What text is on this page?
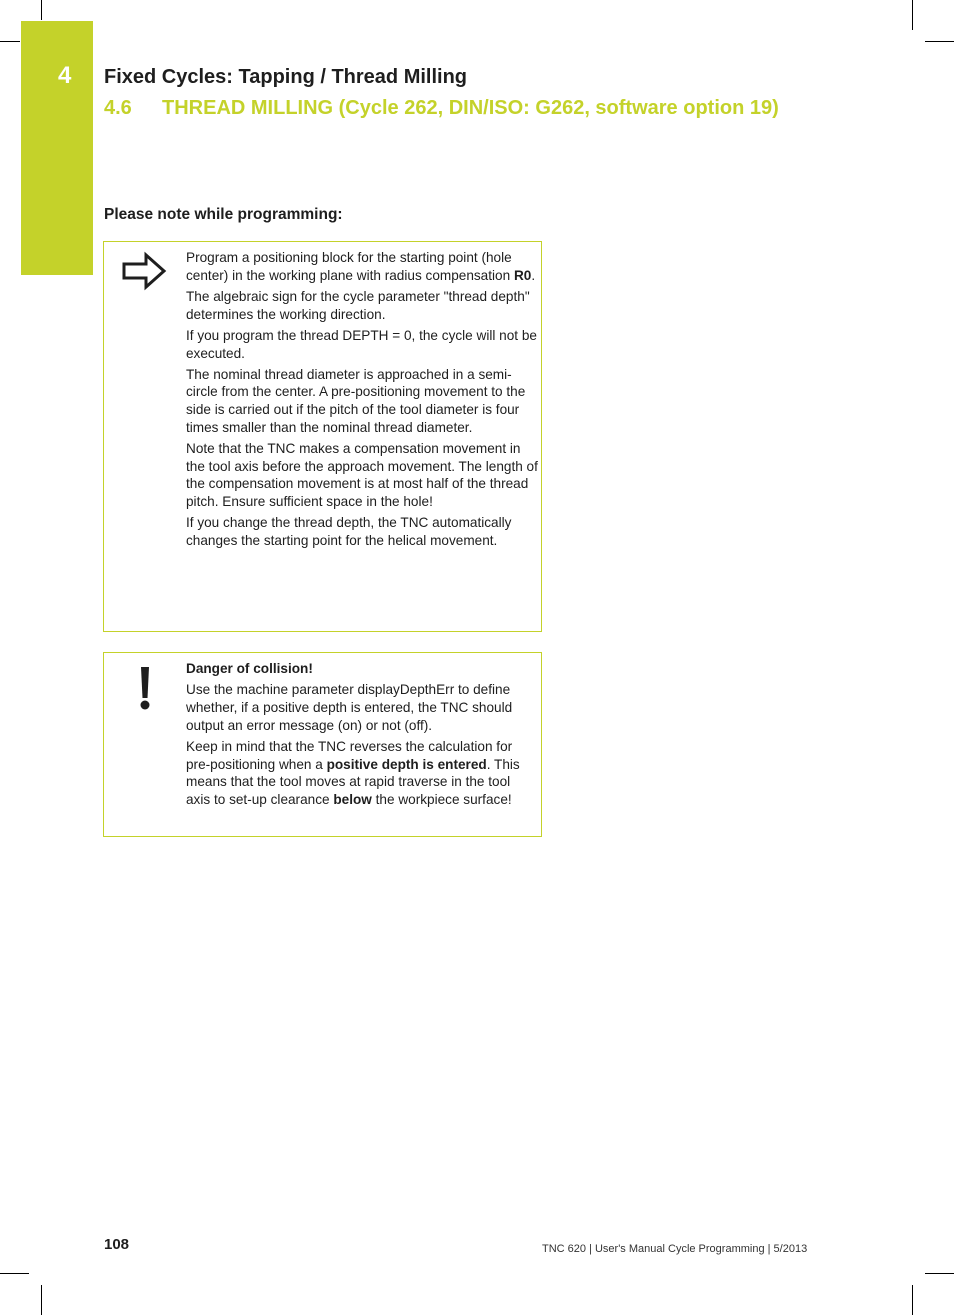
4 Fixed Cycles: Tapping / Thread Milling
4.6 THREAD MILLING (Cycle 262, DIN/ISO: G262, software option 19)
Please note while programming:

Program a positioning block for the starting point (hole center) in the working plane with radius compensation R0.

The algebraic sign for the cycle parameter "thread depth" determines the working direction.

If you program the thread DEPTH = 0, the cycle will not be executed.

The nominal thread diameter is approached in a semi-circle from the center. A pre-positioning movement to the side is carried out if the pitch of the tool diameter is four times smaller than the nominal thread diameter.

Note that the TNC makes a compensation movement in the tool axis before the approach movement. The length of the compensation movement is at most half of the thread pitch. Ensure sufficient space in the hole!

If you change the thread depth, the TNC automatically changes the starting point for the helical movement.

Danger of collision!

Use the machine parameter displayDepthErr to define whether, if a positive depth is entered, the TNC should output an error message (on) or not (off).

Keep in mind that the TNC reverses the calculation for pre-positioning when a positive depth is entered. This means that the tool moves at rapid traverse in the tool axis to set-up clearance below the workpiece surface!

108	TNC 620 | User's Manual Cycle Programming | 5/2013
